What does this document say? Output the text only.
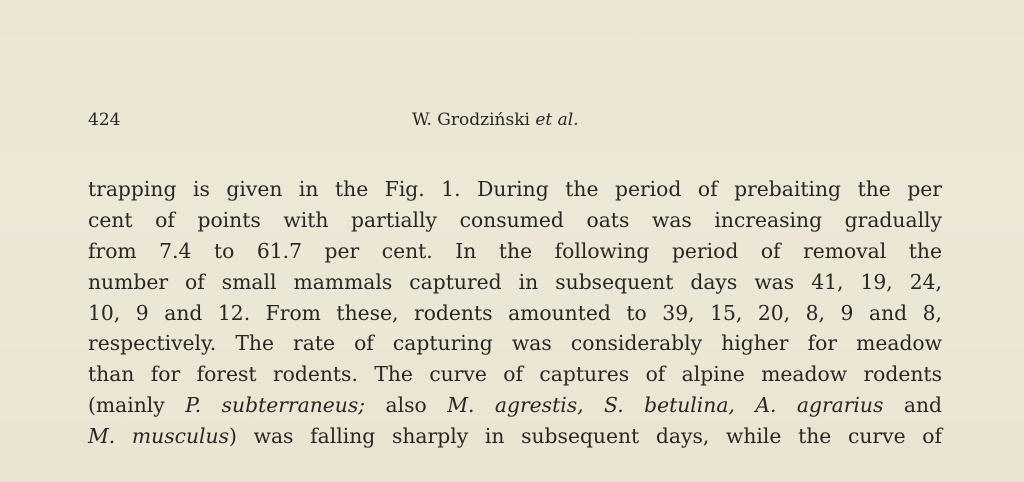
424	W. Grodziński et al.
trapping is given in the Fig. 1. During the period of prebaiting the per
cent of points with partially consumed oats was increasing gradually
from 7.4 to 61.7 per cent. In the following period of removal the
number of small mammals captured in subsequent days was 41, 19, 24,
10, 9 and 12. From these, rodents amounted to 39, 15, 20, 8, 9 and 8,
respectively. The rate of capturing was considerably higher for meadow
than for forest rodents. The curve of captures of alpine meadow rodents
(mainly P. subterraneus; also M. agrestis, S. betulina, A. agrarius and
M. musculus) was falling sharply in subsequent days, while the curve of
